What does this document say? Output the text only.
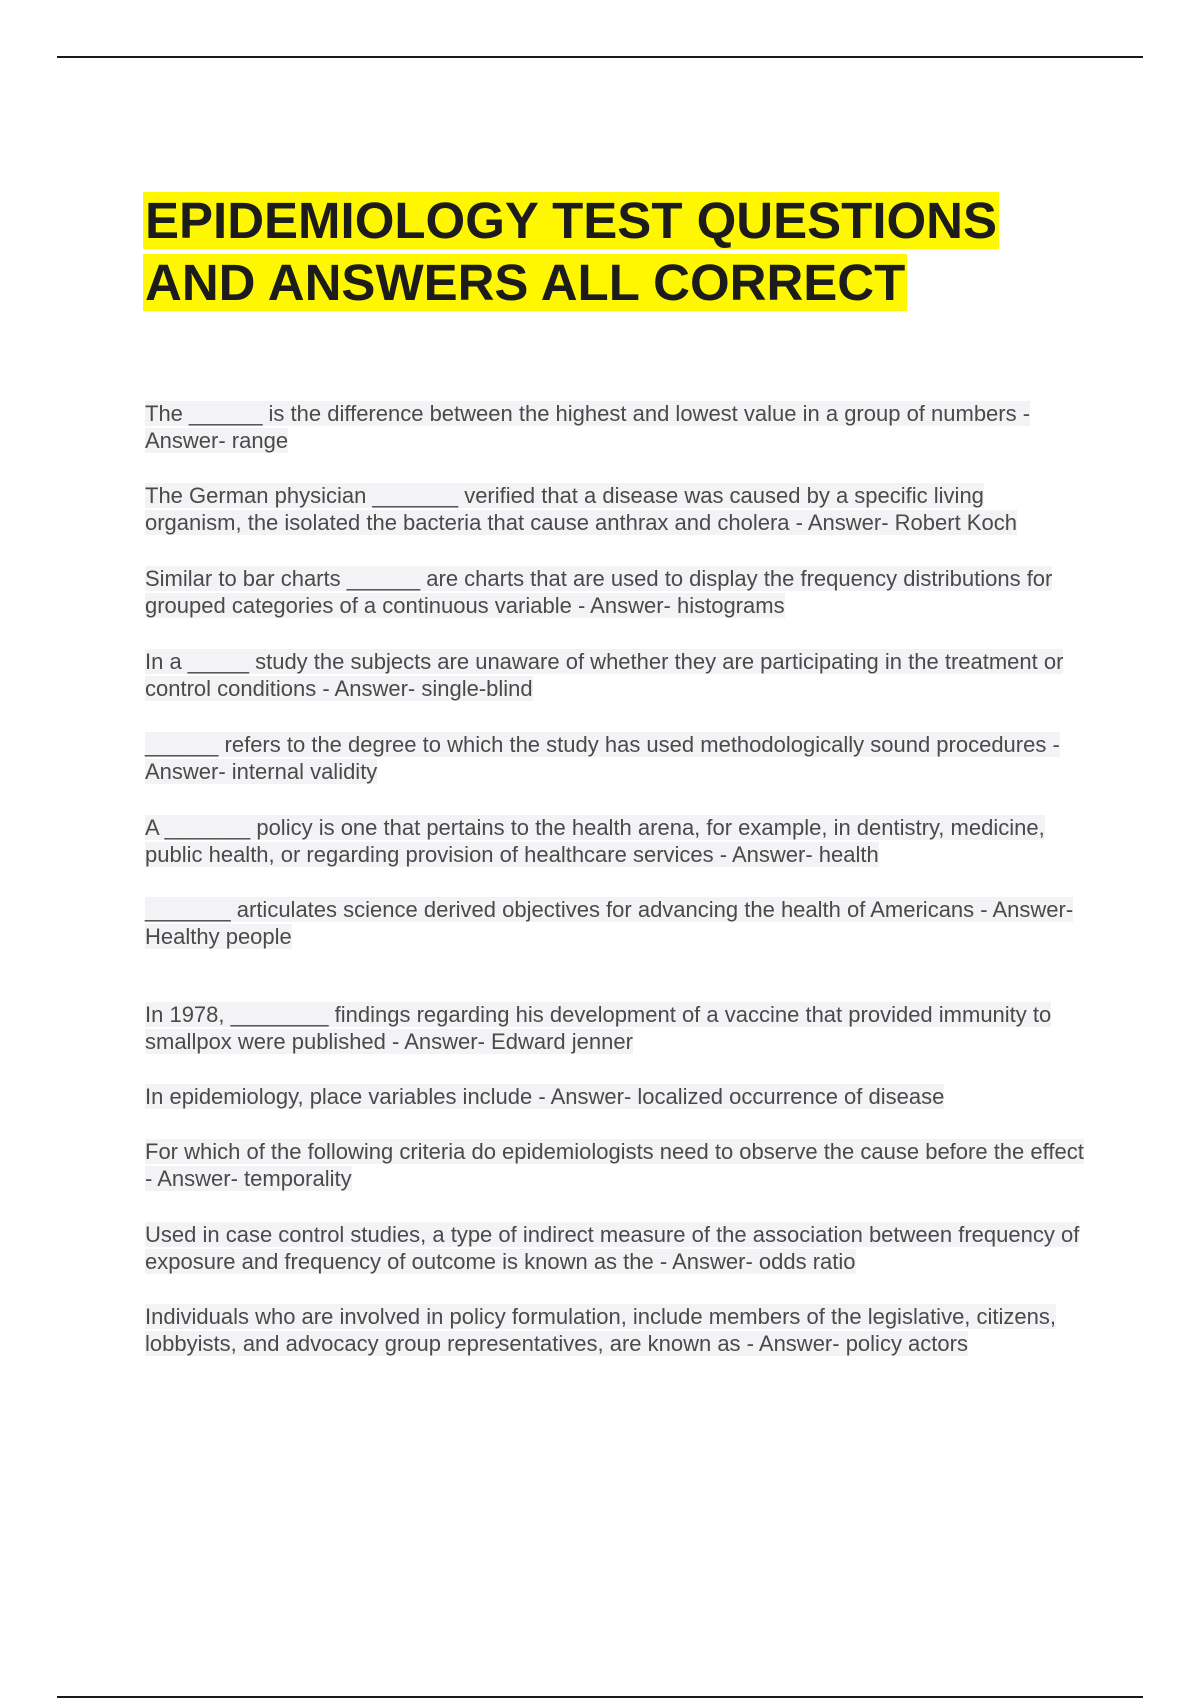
EPIDEMIOLOGY TEST QUESTIONS AND ANSWERS ALL CORRECT

The ______ is the difference between the highest and lowest value in a group of numbers - Answer- range

The German physician _______ verified that a disease was caused by a specific living organism, the isolated the bacteria that cause anthrax and cholera - Answer- Robert Koch

Similar to bar charts ______ are charts that are used to display the frequency distributions for grouped categories of a continuous variable - Answer- histograms

In a _____ study the subjects are unaware of whether they are participating in the treatment or control conditions - Answer- single-blind

______ refers to the degree to which the study has used methodologically sound procedures - Answer- internal validity

A _______ policy is one that pertains to the health arena, for example, in dentistry, medicine, public health, or regarding provision of healthcare services - Answer- health

_______ articulates science derived objectives for advancing the health of Americans - Answer- Healthy people

In 1978, ________ findings regarding his development of a vaccine that provided immunity to smallpox were published - Answer- Edward jenner

In epidemiology, place variables include - Answer- localized occurrence of disease

For which of the following criteria do epidemiologists need to observe the cause before the effect - Answer- temporality

Used in case control studies, a type of indirect measure of the association between frequency of exposure and frequency of outcome is known as the - Answer- odds ratio

Individuals who are involved in policy formulation, include members of the legislative, citizens, lobbyists, and advocacy group representatives, are known as - Answer- policy actors
